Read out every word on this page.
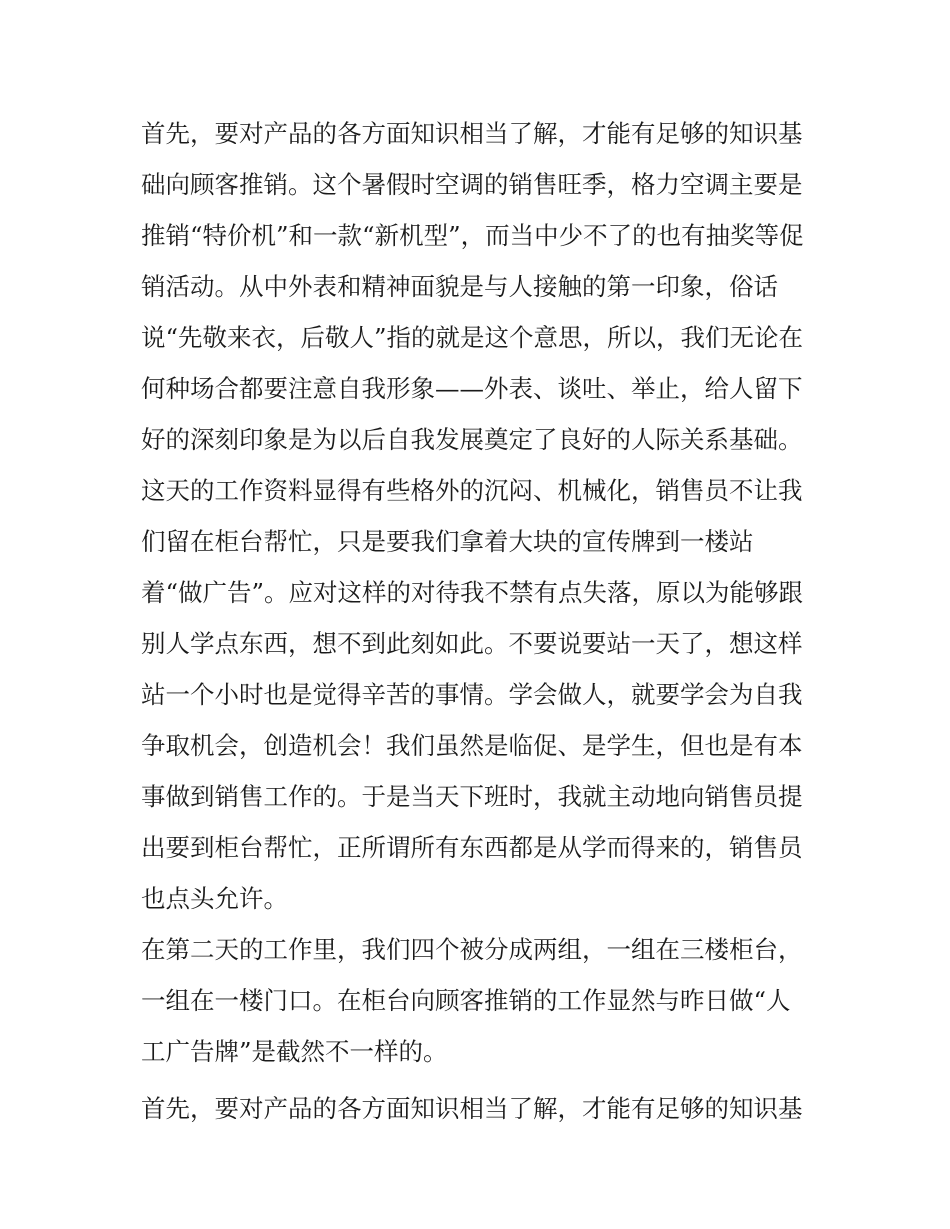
首先，要对产品的各方面知识相当了解，才能有足够的知识基
础向顾客推销。这个暑假时空调的销售旺季，格力空调主要是
推销“特价机”和一款“新机型”，而当中少不了的也有抽奖等促
销活动。从中外表和精神面貌是与人接触的第一印象，俗话
说“先敬来衣，后敬人”指的就是这个意思，所以，我们无论在
何种场合都要注意自我形象——外表、谈吐、举止，给人留下
好的深刻印象是为以后自我发展奠定了良好的人际关系基础。
这天的工作资料显得有些格外的沉闷、机械化，销售员不让我
们留在柜台帮忙，只是要我们拿着大块的宣传牌到一楼站
着“做广告”。应对这样的对待我不禁有点失落，原以为能够跟
别人学点东西，想不到此刻如此。不要说要站一天了，想这样
站一个小时也是觉得辛苦的事情。学会做人，就要学会为自我
争取机会，创造机会！我们虽然是临促、是学生，但也是有本
事做到销售工作的。于是当天下班时，我就主动地向销售员提
出要到柜台帮忙，正所谓所有东西都是从学而得来的，销售员
也点头允许。
在第二天的工作里，我们四个被分成两组，一组在三楼柜台，
一组在一楼门口。在柜台向顾客推销的工作显然与昨日做“人
工广告牌”是截然不一样的。
首先，要对产品的各方面知识相当了解，才能有足够的知识基
